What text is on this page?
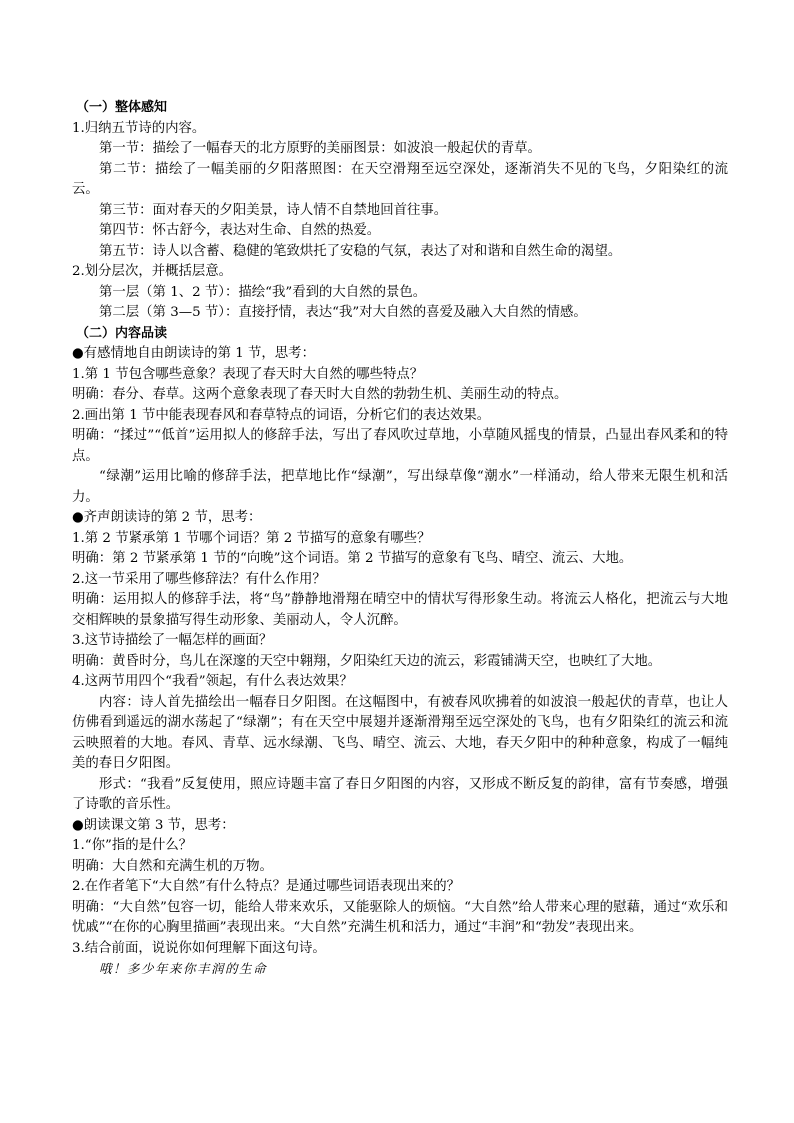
（一）整体感知

1.归纳五节诗的内容。

第一节：描绘了一幅春天的北方原野的美丽图景：如波浪一般起伏的青草。

第二节：描绘了一幅美丽的夕阳落照图：在天空滑翔至远空深处，逐渐消失不见的飞鸟，夕阳染红的流云。

第三节：面对春天的夕阳美景，诗人情不自禁地回首往事。

第四节：怀古舒今，表达对生命、自然的热爱。

第五节：诗人以含蓄、稳健的笔致烘托了安稳的气氛，表达了对和谐和自然生命的渴望。

2.划分层次，并概括层意。

第一层（第 1、2 节）：描绘“我”看到的大自然的景色。

第二层（第 3—5 节）：直接抒情，表达“我”对大自然的喜爱及融入大自然的情感。

（二）内容品读

●有感情地自由朗读诗的第 1 节，思考：

1.第 1 节包含哪些意象？表现了春天时大自然的哪些特点？

明确：春分、春草。这两个意象表现了春天时大自然的勃勃生机、美丽生动的特点。

2.画出第 1 节中能表现春风和春草特点的词语，分析它们的表达效果。

明确：“揉过”“低首”运用拟人的修辞手法，写出了春风吹过草地，小草随风摇曳的情景，凸显出春风柔和的特点。

“绿潮”运用比喻的修辞手法，把草地比作“绿潮”，写出绿草像“潮水”一样涌动，给人带来无限生机和活力。

●齐声朗读诗的第 2 节，思考：

1.第 2 节紧承第 1 节哪个词语？第 2 节描写的意象有哪些？

明确：第 2 节紧承第 1 节的“向晚”这个词语。第 2 节描写的意象有飞鸟、晴空、流云、大地。

2.这一节采用了哪些修辞法？有什么作用？

明确：运用拟人的修辞手法，将“鸟”静静地滑翔在晴空中的情状写得形象生动。将流云人格化，把流云与大地交相辉映的景象描写得生动形象、美丽动人，令人沉醉。

3.这节诗描绘了一幅怎样的画面？

明确：黄昏时分，鸟儿在深邃的天空中翱翔，夕阳染红天边的流云，彩霞铺满天空，也映红了大地。

4.这两节用四个“我看”领起，有什么表达效果？

内容：诗人首先描绘出一幅春日夕阳图。在这幅图中，有被春风吹拂着的如波浪一般起伏的青草，也让人仿佛看到遥远的湖水荡起了“绿潮”；有在天空中展翅并逐渐滑翔至远空深处的飞鸟，也有夕阳染红的流云和流云映照着的大地。春风、青草、远水绿潮、飞鸟、晴空、流云、大地，春天夕阳中的种种意象，构成了一幅纯美的春日夕阳图。

形式：“我看”反复使用，照应诗题丰富了春日夕阳图的内容，又形成不断反复的韵律，富有节奏感，增强了诗歌的音乐性。

●朗读课文第 3 节，思考：

1.“你”指的是什么？

明确：大自然和充满生机的万物。

2.在作者笔下“大自然”有什么特点？是通过哪些词语表现出来的？

明确：“大自然”包容一切，能给人带来欢乐，又能驱除人的烦恼。“大自然”给人带来心理的慰藉，通过“欢乐和忧戚”“在你的心胸里描画”表现出来。“大自然”充满生机和活力，通过“丰润”和“勃发”表现出来。

3.结合前面，说说你如何理解下面这句诗。

哦！多少年来你丰润的生命
